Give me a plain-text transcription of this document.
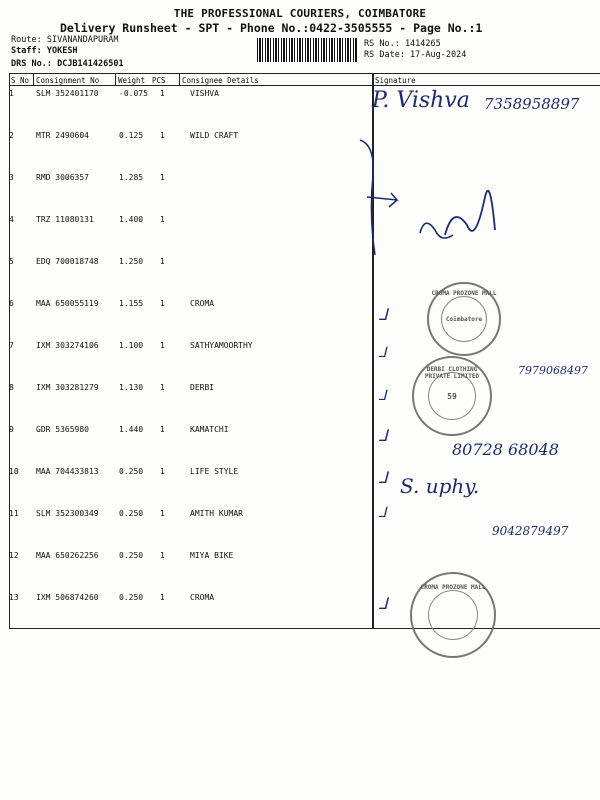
THE PROFESSIONAL COURIERS, COIMBATORE
Delivery Runsheet - SPT - Phone No.:0422-3505555 - Page No.:1
Route: SIVANANDAPURAM
Staff: YOKESH
DRS No.: DCJB141426501
RS No.: 1414265
RS Date: 17-Aug-2024
S No Consignment No	Weight PCS Consignee Details	Signature
1	SLM 352401170	-0.075 1	VISHVA
2	MTR 2490604	0.125 1	WILD CRAFT
3	RMD 3006357	1.285 1
4	TRZ 11080131	1.400 1
5	EDQ 700018748	1.250 1
6	MAA 650055119	1.155 1	CROMA
7	IXM 303274106	1.100 1	SATHYAMOORTHY
8	IXM 303281279	1.130 1	DERBI
9	GDR 5365980	1.440 1	KAMATCHI
10 MAA 704433813	0.250 1	LIFE STYLE
11 SLM 352300349	0.250 1	AMITH KUMAR
12 MAA 650262256	0.250 1	MIYA BIKE
13 IXM 506874260	0.250 1	CROMA
P. Vishva 7358958897
ᒧ
ᒧ
7979068497
ᒧ
ᒧ
80728 68048
ᒧ S. uphy.
ᒧ
9042879497
ᒧ
CROMA PROZONE MALL
Coimbatore
DERBI CLOTHING PRIVATE LIMITED
59
CROMA PROZONE MALL
